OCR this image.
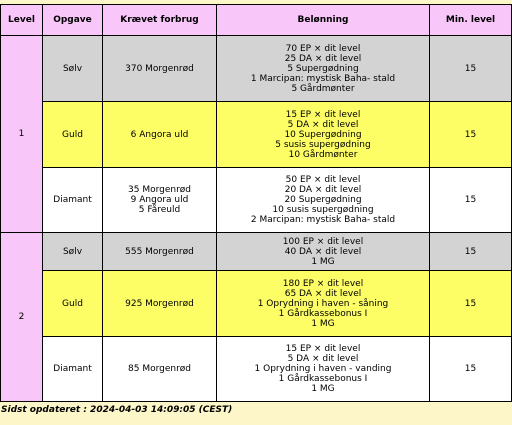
Level	Opgave	Krævet forbrug	Belønning	Min. level
1	Sølv	370 Morgenrød	70 EP × dit level
25 DA × dit level
5 Supergødning
1 Marcipan: mystisk Baha- stald
5 Gårdmønter	15
	Guld	6 Angora uld	15 EP × dit level
5 DA × dit level
10 Supergødning
5 susis supergødning
10 Gårdmønter	15
	Diamant	35 Morgenrød
9 Angora uld
5 Fåreuld	50 EP × dit level
20 DA × dit level
20 Supergødning
10 susis supergødning
2 Marcipan: mystisk Baha- stald	15
2	Sølv	555 Morgenrød	100 EP × dit level
40 DA × dit level
1 MG	15
	Guld	925 Morgenrød	180 EP × dit level
65 DA × dit level
1 Oprydning i haven - såning
1 Gårdkassebonus I
1 MG	15
	Diamant	85 Morgenrød	15 EP × dit level
5 DA × dit level
1 Oprydning i haven - vanding
1 Gårdkassebonus I
1 MG	15
Sidst opdateret : 2024-04-03 14:09:05 (CEST)
